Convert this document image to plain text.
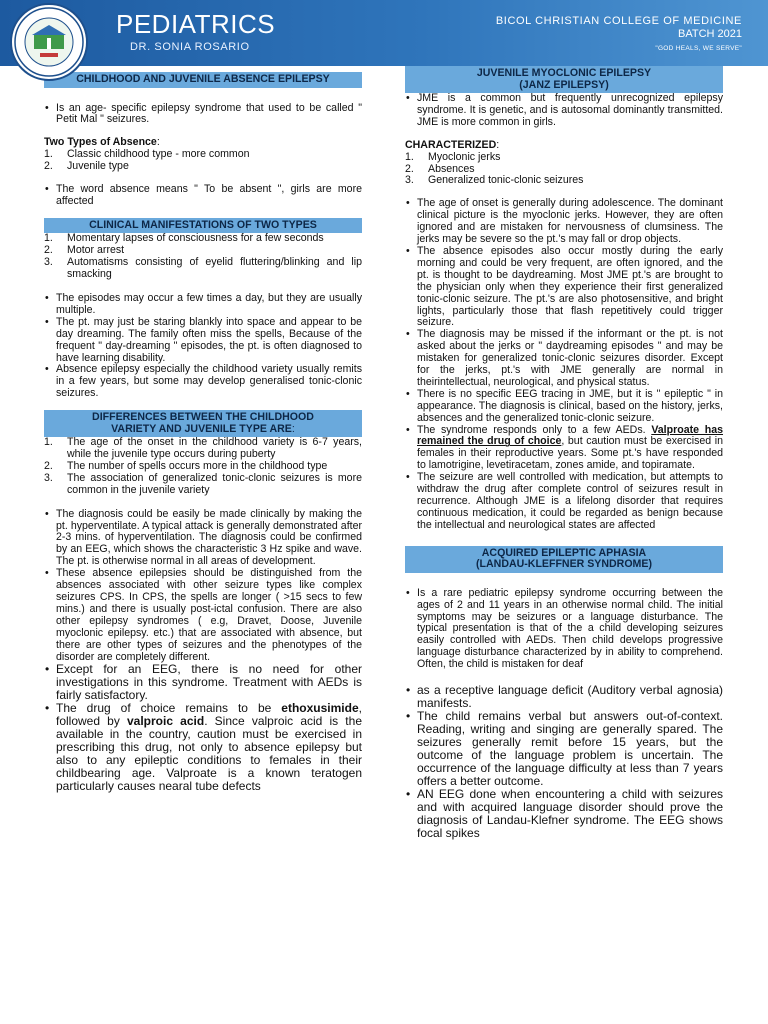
PEDIATRICS
DR. SONIA ROSARIO
BICOL CHRISTIAN COLLEGE OF MEDICINE
BATCH 2021
"GOD HEALS, WE SERVE"
CHILDHOOD AND JUVENILE ABSENCE EPILEPSY
• Is an age- specific epilepsy syndrome that used to be called " Petit Mal " seizures.
Two Types of Absence:
1. Classic childhood type - more common
2. Juvenile type
• The word absence means " To be absent ", girls are more affected
CLINICAL MANIFESTATIONS OF TWO TYPES
1. Momentary lapses of consciousness for a few seconds
2. Motor arrest
3. Automatisms consisting of eyelid fluttering/blinking and lip smacking
• The episodes may occur a few times a day, but they are usually multiple.
• The pt. may just be staring blankly into space and appear to be day dreaming. The family often miss the spells, Because of the frequent " day-dreaming " episodes, the pt. is often diagnosed to have learning disability.
• Absence epilepsy especially the childhood variety usually remits in a few years, but some may develop generalised tonic-clonic seizures.
DIFFERENCES BETWEEN THE CHILDHOOD
VARIETY AND JUVENILE TYPE ARE:
1. The age of the onset in the childhood variety is 6-7 years, while the juvenile type occurs during puberty
2. The number of spells occurs more in the childhood type
3. The association of generalized tonic-clonic seizures is more common in the juvenile variety
• The diagnosis could be easily be made clinically by making the pt. hyperventilate. A typical attack is generally demonstrated after 2-3 mins. of hyperventilation. The diagnosis could be confirmed by an EEG, which shows the characteristic 3 Hz spike and wave. The pt. is otherwise normal in all areas of development.
• These absence epilepsies should be distinguished from the absences associated with other seizure types like complex seizures CPS. In CPS, the spells are longer ( >15 secs to few mins.) and there is usually post-ictal confusion. There are also other epilepsy syndromes ( e.g, Dravet, Doose, Juvenile myoclonic epilepsy. etc.) that are associated with absence, but there are other types of seizures and the phenotypes of the disorder are completely different.
• Except for an EEG, there is no need for other investigations in this syndrome. Treatment with AEDs is fairly satisfactory.
• The drug of choice remains to be ethoxusimide, followed by valproic acid. Since valproic acid is the available in the country, caution must be exercised in prescribing this drug, not only to absence epilepsy but also to any epileptic conditions to females in their childbearing age. Valproate is a known teratogen particularly causes nearal tube defects
JUVENILE MYOCLONIC EPILEPSY
(JANZ EPILEPSY)
• JME is a common but frequently unrecognized epilepsy syndrome. It is genetic, and is autosomal dominantly transmitted. JME is more common in girls.
CHARACTERIZED:
1. Myoclonic jerks
2. Absences
3. Generalized tonic-clonic seizures
• The age of onset is generally during adolescence. The dominant clinical picture is the myoclonic jerks. However, they are often ignored and are mistaken for nervousness of clumsiness. The jerks may be severe so the pt.'s may fall or drop objects.
• The absence episodes also occur mostly during the early morning and could be very frequent, are often ignored, and the pt. is thought to be daydreaming. Most JME pt.'s are brought to the physician only when they experience their first generalized tonic-clonic seizure. The pt.'s are also photosensitive, and bright lights, particularly those that flash repetitively could trigger seizure.
• The diagnosis may be missed if the informant or the pt. is not asked about the jerks or " daydreaming episodes " and may be mistaken for generalized tonic-clonic seizures disorder. Except for the jerks, pt.'s with JME generally are normal in theirintellectual, neurological, and physical status.
• There is no specific EEG tracing in JME, but it is " epileptic " in appearance. The diagnosis is clinical, based on the history, jerks, absences and the generalized tonic-clonic seizure.
• The syndrome responds only to a few AEDs. Valproate has remained the drug of choice, but caution must be exercised in females in their reproductive years. Some pt.'s have responded to lamotrigine, levetiracetam, zones amide, and topiramate.
• The seizure are well controlled with medication, but attempts to withdraw the drug after complete control of seizures result in recurrence. Although JME is a lifelong disorder that requires continuous medication, it could be regarded as benign because the intellectual and neurological states are affected
ACQUIRED EPILEPTIC APHASIA
(LANDAU-KLEFFNER SYNDROME)
• Is a rare pediatric epilepsy syndrome occurring between the ages of 2 and 11 years in an otherwise normal child. The initial symptoms may be seizures or a language disturbance. The typical presentation is that of the a child developing seizures easily controlled with AEDs. Then child develops progressive language disturbance characterized by in ability to comprehend. Often, the child is mistaken for deaf
• as a receptive language deficit (Auditory verbal agnosia) manifests.
• The child remains verbal but answers out-of-context. Reading, writing and singing are generally spared. The seizures generally remit before 15 years, but the outcome of the language problem is uncertain. The occurrence of the language difficulty at less than 7 years offers a better outcome.
• AN EEG done when encountering a child with seizures and with acquired language disorder should prove the diagnosis of Landau-Klefner syndrome. The EEG shows focal spikes
